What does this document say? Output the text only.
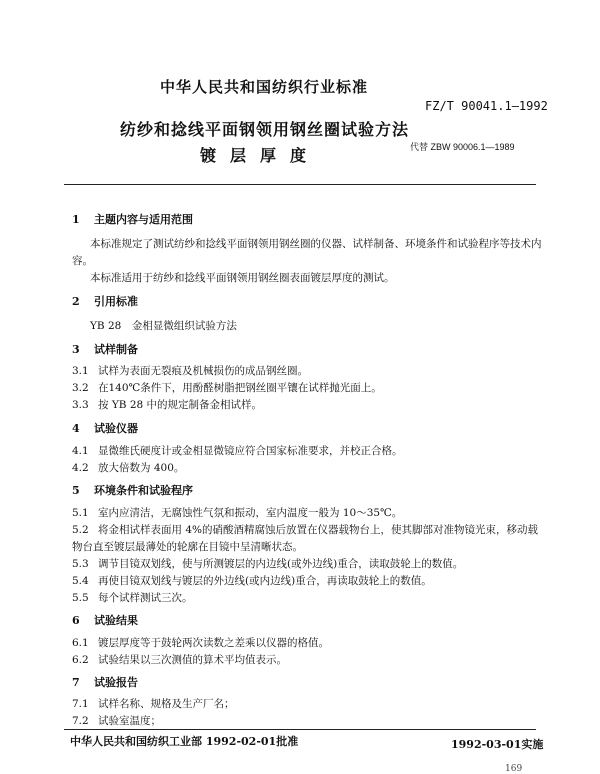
中华人民共和国纺织行业标准
FZ/T 90041.1—1992
纺纱和捻线平面钢领用钢丝圈试验方法
镀层厚度	代替 ZBW 90006.1—1989
1 主题内容与适用范围
本标准规定了测试纺纱和捻线平面钢领用钢丝圈的仪器、试样制备、环境条件和试验程序等技术内
容。
本标准适用于纺纱和捻线平面钢领用钢丝圈表面镀层厚度的测试。
2 引用标准
YB 28　金相显微组织试验方法
3 试样制备
3.1 试样为表面无裂痕及机械损伤的成品钢丝圈。
3.2 在140℃条件下，用酚醛树脂把钢丝圈平镶在试样抛光面上。
3.3 按 YB 28 中的规定制备金相试样。
4 试验仪器
4.1 显微维氏硬度计或金相显微镜应符合国家标准要求，并校正合格。
4.2 放大倍数为 400。
5 环境条件和试验程序
5.1 室内应清洁，无腐蚀性气氛和振动，室内温度一般为 10～35℃。
5.2 将金相试样表面用 4%的硝酸酒精腐蚀后放置在仪器载物台上，使其脚部对准物镜光束，移动载
物台直至镀层最薄处的轮廓在目镜中呈清晰状态。
5.3 调节目镜双划线，使与所测镀层的内边线(或外边线)重合，读取鼓轮上的数值。
5.4 再使目镜双划线与镀层的外边线(或内边线)重合，再读取鼓轮上的数值。
5.5 每个试样测试三次。
6 试验结果
6.1 镀层厚度等于鼓轮两次读数之差乘以仪器的格值。
6.2 试验结果以三次测值的算术平均值表示。
7 试验报告
7.1 试样名称、规格及生产厂名；
7.2 试验室温度；
中华人民共和国纺织工业部 1992-02-01批准	1992-03-01实施
169
